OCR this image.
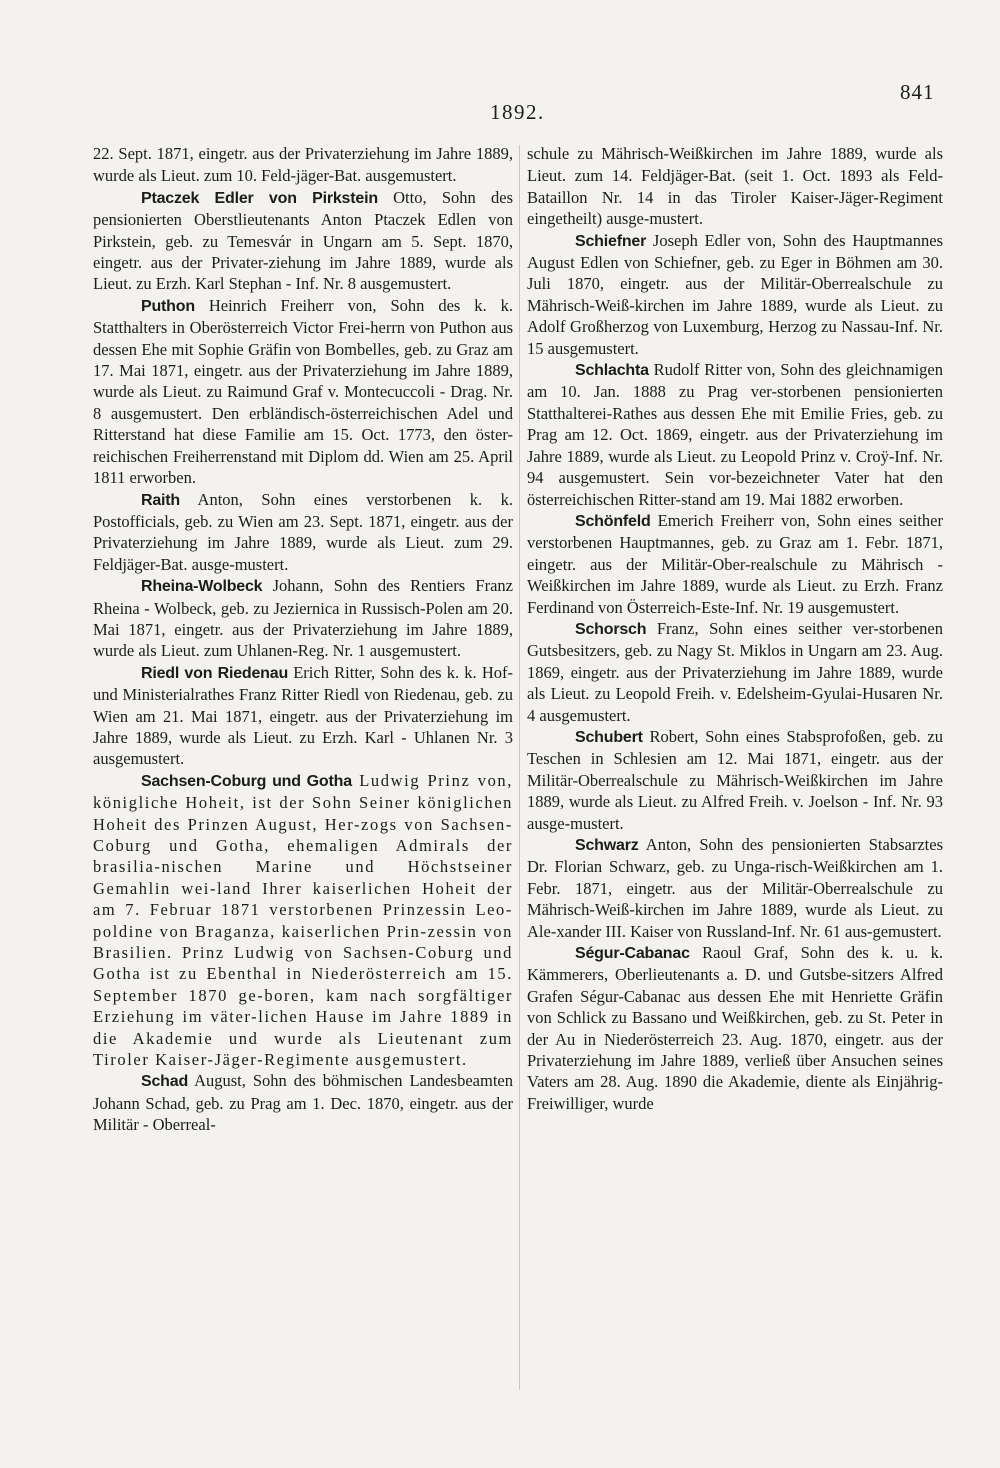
841
1892.

22. Sept. 1871, eingetr. aus der Privaterziehung im Jahre 1889, wurde als Lieut. zum 10. Feld-jäger-Bat. ausgemustert.

Ptaczek Edler von Pirkstein Otto, Sohn des pensionierten Oberstlieutenants Anton Ptaczek Edlen von Pirkstein, geb. zu Temesvár in Ungarn am 5. Sept. 1870, eingetr. aus der Privater-ziehung im Jahre 1889, wurde als Lieut. zu Erzh. Karl Stephan - Inf. Nr. 8 ausgemustert.

Puthon Heinrich Freiherr von, Sohn des k. k. Statthalters in Oberösterreich Victor Frei-herrn von Puthon aus dessen Ehe mit Sophie Gräfin von Bombelles, geb. zu Graz am 17. Mai 1871, eingetr. aus der Privaterziehung im Jahre 1889, wurde als Lieut. zu Raimund Graf v. Montecuccoli - Drag. Nr. 8 ausgemustert. Den erbländisch-österreichischen Adel und Ritterstand hat diese Familie am 15. Oct. 1773, den öster-reichischen Freiherrenstand mit Diplom dd. Wien am 25. April 1811 erworben.

Raith Anton, Sohn eines verstorbenen k. k. Postofficials, geb. zu Wien am 23. Sept. 1871, eingetr. aus der Privaterziehung im Jahre 1889, wurde als Lieut. zum 29. Feldjäger-Bat. ausge-mustert.

Rheina-Wolbeck Johann, Sohn des Rentiers Franz Rheina - Wolbeck, geb. zu Jeziernica in Russisch-Polen am 20. Mai 1871, eingetr. aus der Privaterziehung im Jahre 1889, wurde als Lieut. zum Uhlanen-Reg. Nr. 1 ausgemustert.

Riedl von Riedenau Erich Ritter, Sohn des k. k. Hof- und Ministerialrathes Franz Ritter Riedl von Riedenau, geb. zu Wien am 21. Mai 1871, eingetr. aus der Privaterziehung im Jahre 1889, wurde als Lieut. zu Erzh. Karl - Uhlanen Nr. 3 ausgemustert.

Sachsen-Coburg und Gotha Ludwig Prinz von, königliche Hoheit, ist der Sohn Seiner königlichen Hoheit des Prinzen August, Her-zogs von Sachsen-Coburg und Gotha, ehemaligen Admirals der brasilia-nischen Marine und Höchstseiner Gemahlin wei-land Ihrer kaiserlichen Hoheit der am 7. Februar 1871 verstorbenen Prinzessin Leo-poldine von Braganza, kaiserlichen Prin-zessin von Brasilien. Prinz Ludwig von Sachsen-Coburg und Gotha ist zu Ebenthal in Niederösterreich am 15. September 1870 ge-boren, kam nach sorgfältiger Erziehung im väter-lichen Hause im Jahre 1889 in die Akademie und wurde als Lieutenant zum Tiroler Kaiser-Jäger-Regimente ausgemustert.

Schad August, Sohn des böhmischen Landesbeamten Johann Schad, geb. zu Prag am 1. Dec. 1870, eingetr. aus der Militär - Oberreal-

schule zu Mährisch-Weißkirchen im Jahre 1889, wurde als Lieut. zum 14. Feldjäger-Bat. (seit 1. Oct. 1893 als Feld-Bataillon Nr. 14 in das Tiroler Kaiser-Jäger-Regiment eingetheilt) ausge-mustert.

Schiefner Joseph Edler von, Sohn des Hauptmannes August Edlen von Schiefner, geb. zu Eger in Böhmen am 30. Juli 1870, eingetr. aus der Militär-Oberrealschule zu Mährisch-Weiß-kirchen im Jahre 1889, wurde als Lieut. zu Adolf Großherzog von Luxemburg, Herzog zu Nassau-Inf. Nr. 15 ausgemustert.

Schlachta Rudolf Ritter von, Sohn des gleichnamigen am 10. Jan. 1888 zu Prag ver-storbenen pensionierten Statthalterei-Rathes aus dessen Ehe mit Emilie Fries, geb. zu Prag am 12. Oct. 1869, eingetr. aus der Privaterziehung im Jahre 1889, wurde als Lieut. zu Leopold Prinz v. Croÿ-Inf. Nr. 94 ausgemustert. Sein vor-bezeichneter Vater hat den österreichischen Ritter-stand am 19. Mai 1882 erworben.

Schönfeld Emerich Freiherr von, Sohn eines seither verstorbenen Hauptmannes, geb. zu Graz am 1. Febr. 1871, eingetr. aus der Militär-Ober-realschule zu Mährisch - Weißkirchen im Jahre 1889, wurde als Lieut. zu Erzh. Franz Ferdinand von Österreich-Este-Inf. Nr. 19 ausgemustert.

Schorsch Franz, Sohn eines seither ver-storbenen Gutsbesitzers, geb. zu Nagy St. Miklos in Ungarn am 23. Aug. 1869, eingetr. aus der Privaterziehung im Jahre 1889, wurde als Lieut. zu Leopold Freih. v. Edelsheim-Gyulai-Husaren Nr. 4 ausgemustert.

Schubert Robert, Sohn eines Stabsprofoßen, geb. zu Teschen in Schlesien am 12. Mai 1871, eingetr. aus der Militär-Oberrealschule zu Mährisch-Weißkirchen im Jahre 1889, wurde als Lieut. zu Alfred Freih. v. Joelson - Inf. Nr. 93 ausge-mustert.

Schwarz Anton, Sohn des pensionierten Stabsarztes Dr. Florian Schwarz, geb. zu Unga-risch-Weißkirchen am 1. Febr. 1871, eingetr. aus der Militär-Oberrealschule zu Mährisch-Weiß-kirchen im Jahre 1889, wurde als Lieut. zu Ale-xander III. Kaiser von Russland-Inf. Nr. 61 aus-gemustert.

Ségur-Cabanac Raoul Graf, Sohn des k. u. k. Kämmerers, Oberlieutenants a. D. und Gutsbe-sitzers Alfred Grafen Ségur-Cabanac aus dessen Ehe mit Henriette Gräfin von Schlick zu Bassano und Weißkirchen, geb. zu St. Peter in der Au in Niederösterreich 23. Aug. 1870, eingetr. aus der Privaterziehung im Jahre 1889, verließ über Ansuchen seines Vaters am 28. Aug. 1890 die Akademie, diente als Einjährig-Freiwilliger, wurde
